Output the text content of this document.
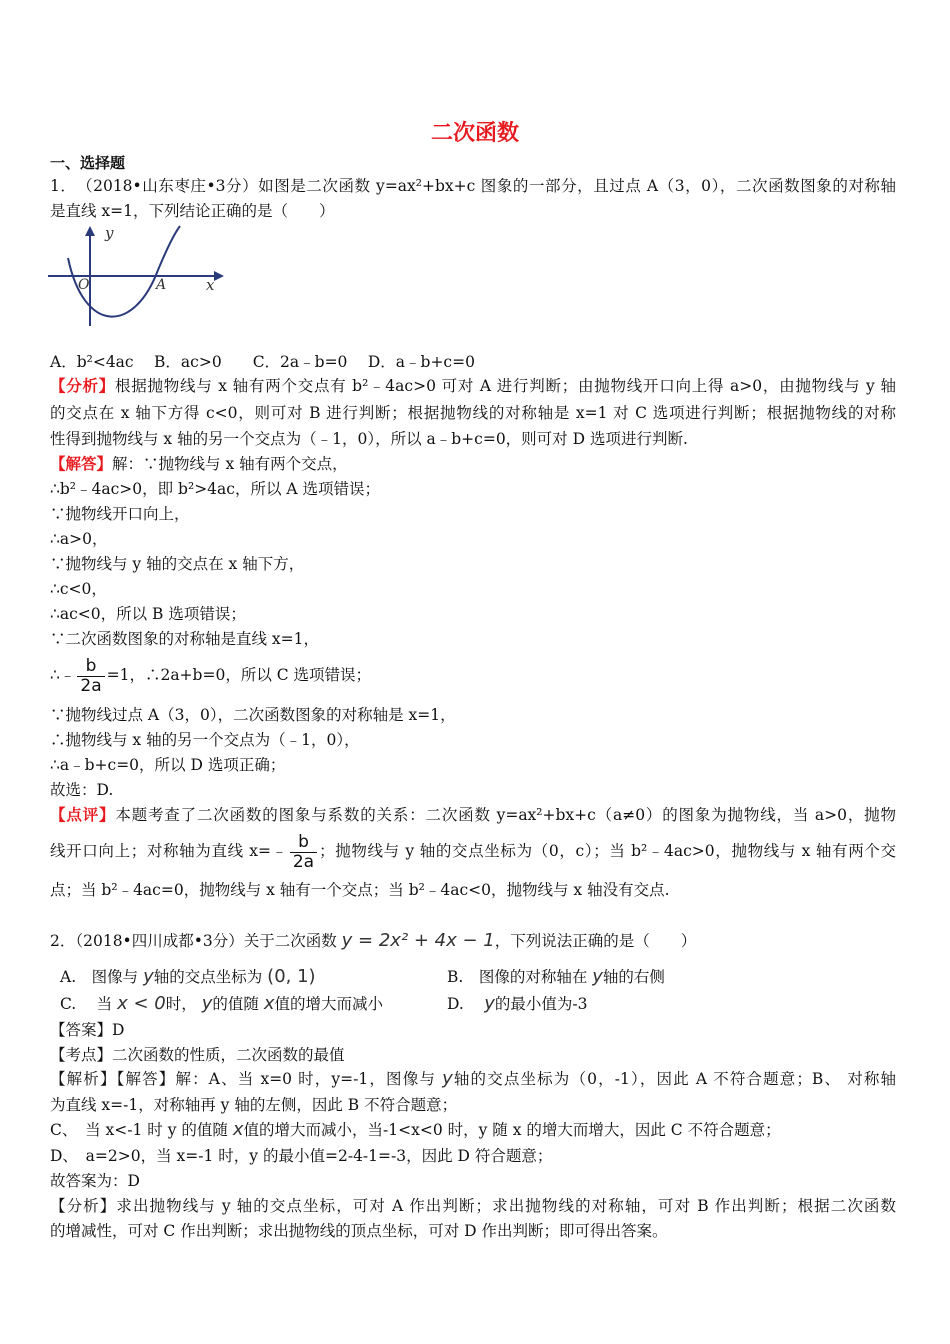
二次函数
一、选择题
1．　（2018•山东枣庄•3分）如图是二次函数 y=ax²+bx+c 图象的一部分，且过点 A（3，0），二次函数图象的对称轴
是直线 x=1，下列结论正确的是（　　）
y
x
O	A
A．b²<4ac　 B．ac>0　　C．2a﹣b=0　 D．a﹣b+c=0
【分析】根据抛物线与 x 轴有两个交点有 b²﹣4ac>0 可对 A 进行判断；由抛物线开口向上得 a>0，由抛物线与 y 轴
的交点在 x 轴下方得 c<0，则可对 B 进行判断；根据抛物线的对称轴是 x=1 对 C 选项进行判断；根据抛物线的对称
性得到抛物线与 x 轴的另一个交点为（﹣1，0），所以 a﹣b+c=0，则可对 D 选项进行判断.
【解答】解：∵抛物线与 x 轴有两个交点，
∴b²﹣4ac>0，即 b²>4ac，所以 A 选项错误；
∵抛物线开口向上，
∴a>0，
∵抛物线与 y 轴的交点在 x 轴下方，
∴c<0，
∴ac<0，所以 B 选项错误；
∵二次函数图象的对称轴是直线 x=1，
∴﹣ $\frac{b}{2a} =1$，∴2a+b=0，所以 C 选项错误；
∵抛物线过点 A（3，0），二次函数图象的对称轴是 x=1，
∴抛物线与 x 轴的另一个交点为（﹣1，0），
∴a﹣b+c=0，所以 D 选项正确；
故选：D.
【点评】本题考查了二次函数的图象与系数的关系：二次函数 y=ax²+bx+c（a≠0）的图象为抛物线，当 a>0，抛物
线开口向上；对称轴为直线 x=﹣ $\frac{b}{2a}$ ；抛物线与 y 轴的交点坐标为（0，c）；当 b²﹣4ac>0，抛物线与 x 轴有两个交
点；当 b²﹣4ac=0，抛物线与 x 轴有一个交点；当 b²﹣4ac<0，抛物线与 x 轴没有交点.
2．（2018•四川成都•3分）关于二次函数 y = 2x² + 4x − 1，下列说法正确的是（　　）
A.　图像与 y轴的交点坐标为 (0, 1)	B.　图像的对称轴在 y轴的右侧
C.　 当 x < 0时， y的值随 x值的增大而减小	D.　 y的最小值为-3
【答案】D
【考点】二次函数的性质，二次函数的最值
【解析】【解答】解：A、当 x=0 时，y=-1，图像与 y轴的交点坐标为（0，-1），因此 A 不符合题意；B、 对称轴
为直线 x=-1，对称轴再 y 轴的左侧，因此 B 不符合题意；
C、　当 x<-1 时 y 的值随 x值的增大而减小，当-1<x<0 时，y 随 x 的增大而增大，因此 C 不符合题意；
D、　a=2>0，当 x=-1 时，y 的最小值=2-4-1=-3，因此 D 符合题意；
故答案为：D
【分析】求出抛物线与 y 轴的交点坐标，可对 A 作出判断；求出抛物线的对称轴，可对 B 作出判断；根据二次函数
的增减性，可对 C 作出判断；求出抛物线的顶点坐标，可对 D 作出判断；即可得出答案。
